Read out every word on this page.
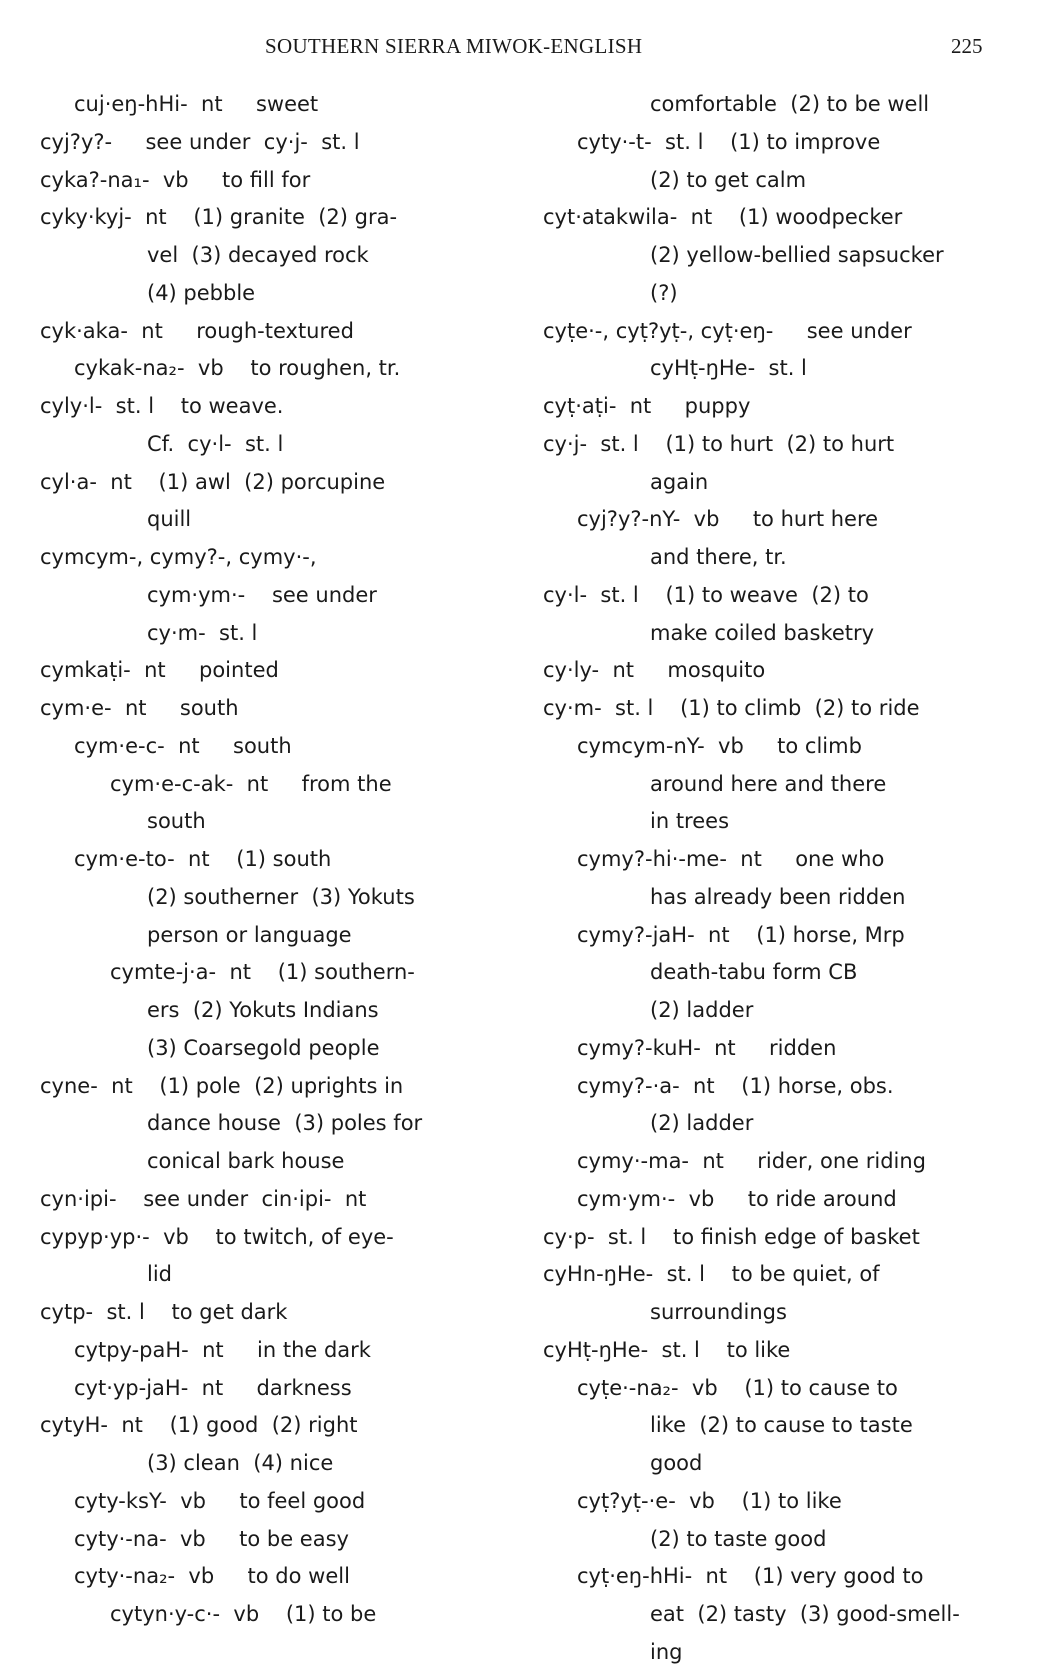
SOUTHERN SIERRA MIWOK-ENGLISH	225
cuj·eŋ-hHi-  nt     sweet
cyj?y?-     see under  cy·j-  st. l
cyka?-na₁-  vb     to fill for
cyky·kyj-  nt    (1) granite  (2) gra-
vel  (3) decayed rock
(4) pebble
cyk·aka-  nt     rough-textured
cykak-na₂-  vb    to roughen, tr.
cyly·l-  st. l    to weave.
Cf.  cy·l-  st. l
cyl·a-  nt    (1) awl  (2) porcupine
quill
cymcym-, cymy?-, cymy·-,
cym·ym·-    see under
cy·m-  st. l
cymkaṭi-  nt     pointed
cym·e-  nt     south
cym·e-c-  nt     south
cym·e-c-ak-  nt     from the
south
cym·e-to-  nt    (1) south
(2) southerner  (3) Yokuts
person or language
cymte-j·a-  nt    (1) southern-
ers  (2) Yokuts Indians
(3) Coarsegold people
cyne-  nt    (1) pole  (2) uprights in
dance house  (3) poles for
conical bark house
cyn·ipi-    see under  cin·ipi-  nt
cypyp·yp·-  vb    to twitch, of eye-
lid
cytp-  st. l    to get dark
cytpy-paH-  nt     in the dark
cyt·yp-jaH-  nt     darkness
cytyH-  nt    (1) good  (2) right
(3) clean  (4) nice
cyty-ksY-  vb     to feel good
cyty·-na-  vb     to be easy
cyty·-na₂-  vb     to do well
cytyn·y-c·-  vb    (1) to be
comfortable  (2) to be well
cyty·-t-  st. l    (1) to improve
(2) to get calm
cyt·atakwila-  nt    (1) woodpecker
(2) yellow-bellied sapsucker
(?)
cyṭe·-, cyṭ?yṭ-, cyṭ·eŋ-     see under
cyHṭ-ŋHe-  st. l
cyṭ·aṭi-  nt     puppy
cy·j-  st. l    (1) to hurt  (2) to hurt
again
cyj?y?-nY-  vb     to hurt here
and there, tr.
cy·l-  st. l    (1) to weave  (2) to
make coiled basketry
cy·ly-  nt     mosquito
cy·m-  st. l    (1) to climb  (2) to ride
cymcym-nY-  vb     to climb
around here and there
in trees
cymy?-hi·-me-  nt     one who
has already been ridden
cymy?-jaH-  nt    (1) horse, Mrp
death-tabu form CB
(2) ladder
cymy?-kuH-  nt     ridden
cymy?-·a-  nt    (1) horse, obs.
(2) ladder
cymy·-ma-  nt     rider, one riding
cym·ym·-  vb     to ride around
cy·p-  st. l    to finish edge of basket
cyHn-ŋHe-  st. l    to be quiet, of
surroundings
cyHṭ-ŋHe-  st. l    to like
cyṭe·-na₂-  vb    (1) to cause to
like  (2) to cause to taste
good
cyṭ?yṭ-·e-  vb    (1) to like
(2) to taste good
cyṭ·eŋ-hHi-  nt    (1) very good to
eat  (2) tasty  (3) good-smell-
ing
